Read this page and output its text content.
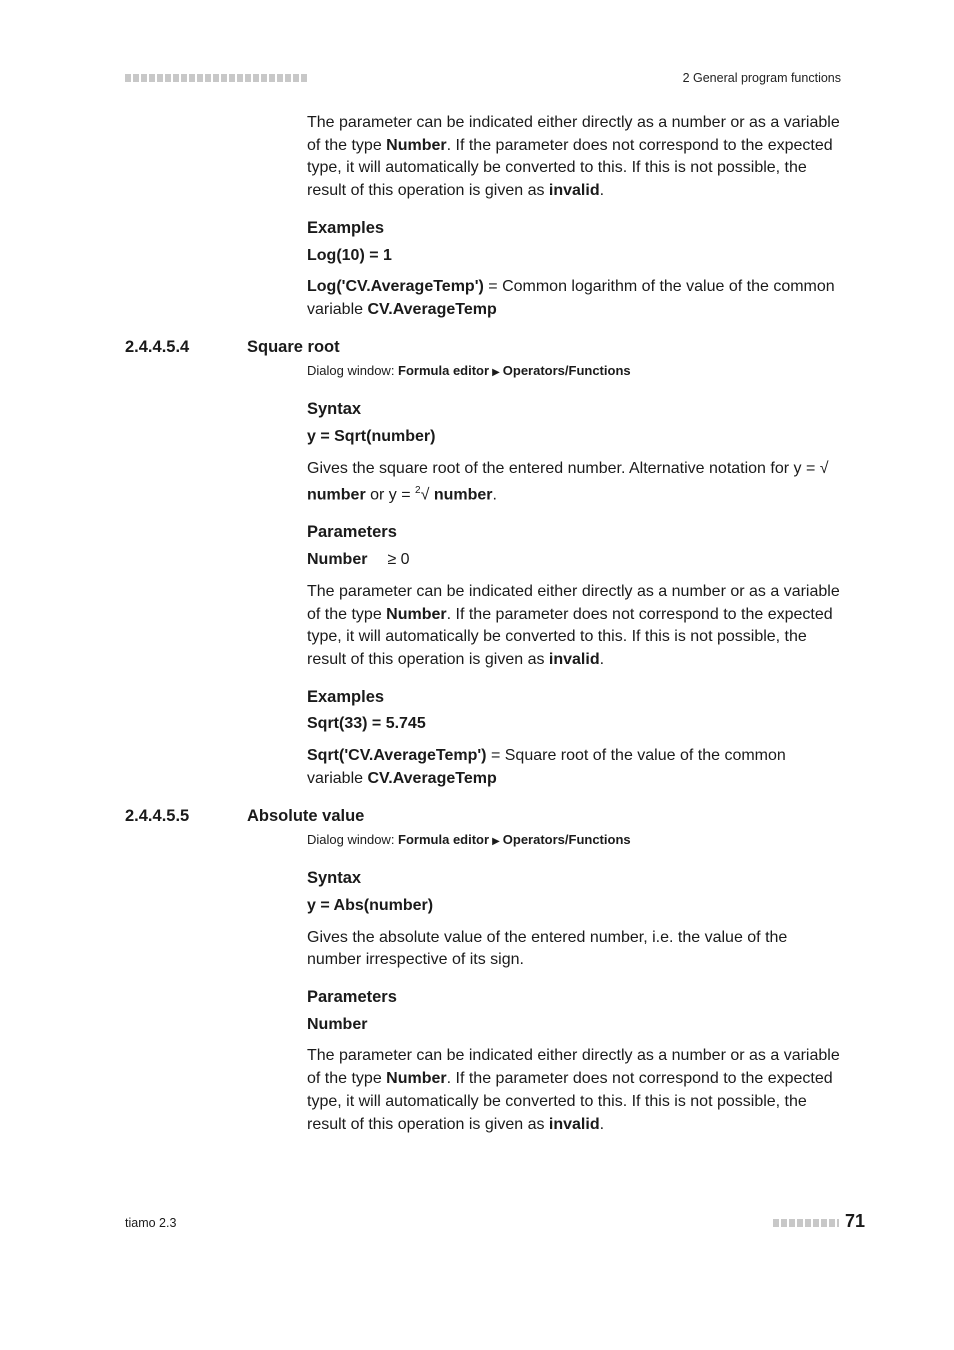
2 General program functions

The parameter can be indicated either directly as a number or as a variable of the type Number. If the parameter does not correspond to the expected type, it will automatically be converted to this. If this is not possible, the result of this operation is given as invalid.

Examples
Log(10) = 1

Log('CV.AverageTemp') = Common logarithm of the value of the common variable CV.AverageTemp

2.4.4.5.4	Square root
Dialog window: Formula editor ▶ Operators/Functions
Syntax
y = Sqrt(number)

Gives the square root of the entered number. Alternative notation for y = √ number or y = $^2$√ number.

Parameters
Number ≥ 0

The parameter can be indicated either directly as a number or as a variable of the type Number. If the parameter does not correspond to the expected type, it will automatically be converted to this. If this is not possible, the result of this operation is given as invalid.

Examples
Sqrt(33) = 5.745

Sqrt('CV.AverageTemp') = Square root of the value of the common variable CV.AverageTemp

2.4.4.5.5	Absolute value
Dialog window: Formula editor ▶ Operators/Functions
Syntax
y = Abs(number)

Gives the absolute value of the entered number, i.e. the value of the number irrespective of its sign.

Parameters
Number

The parameter can be indicated either directly as a number or as a variable of the type Number. If the parameter does not correspond to the expected type, it will automatically be converted to this. If this is not possible, the result of this operation is given as invalid.

tiamo 2.3	71
